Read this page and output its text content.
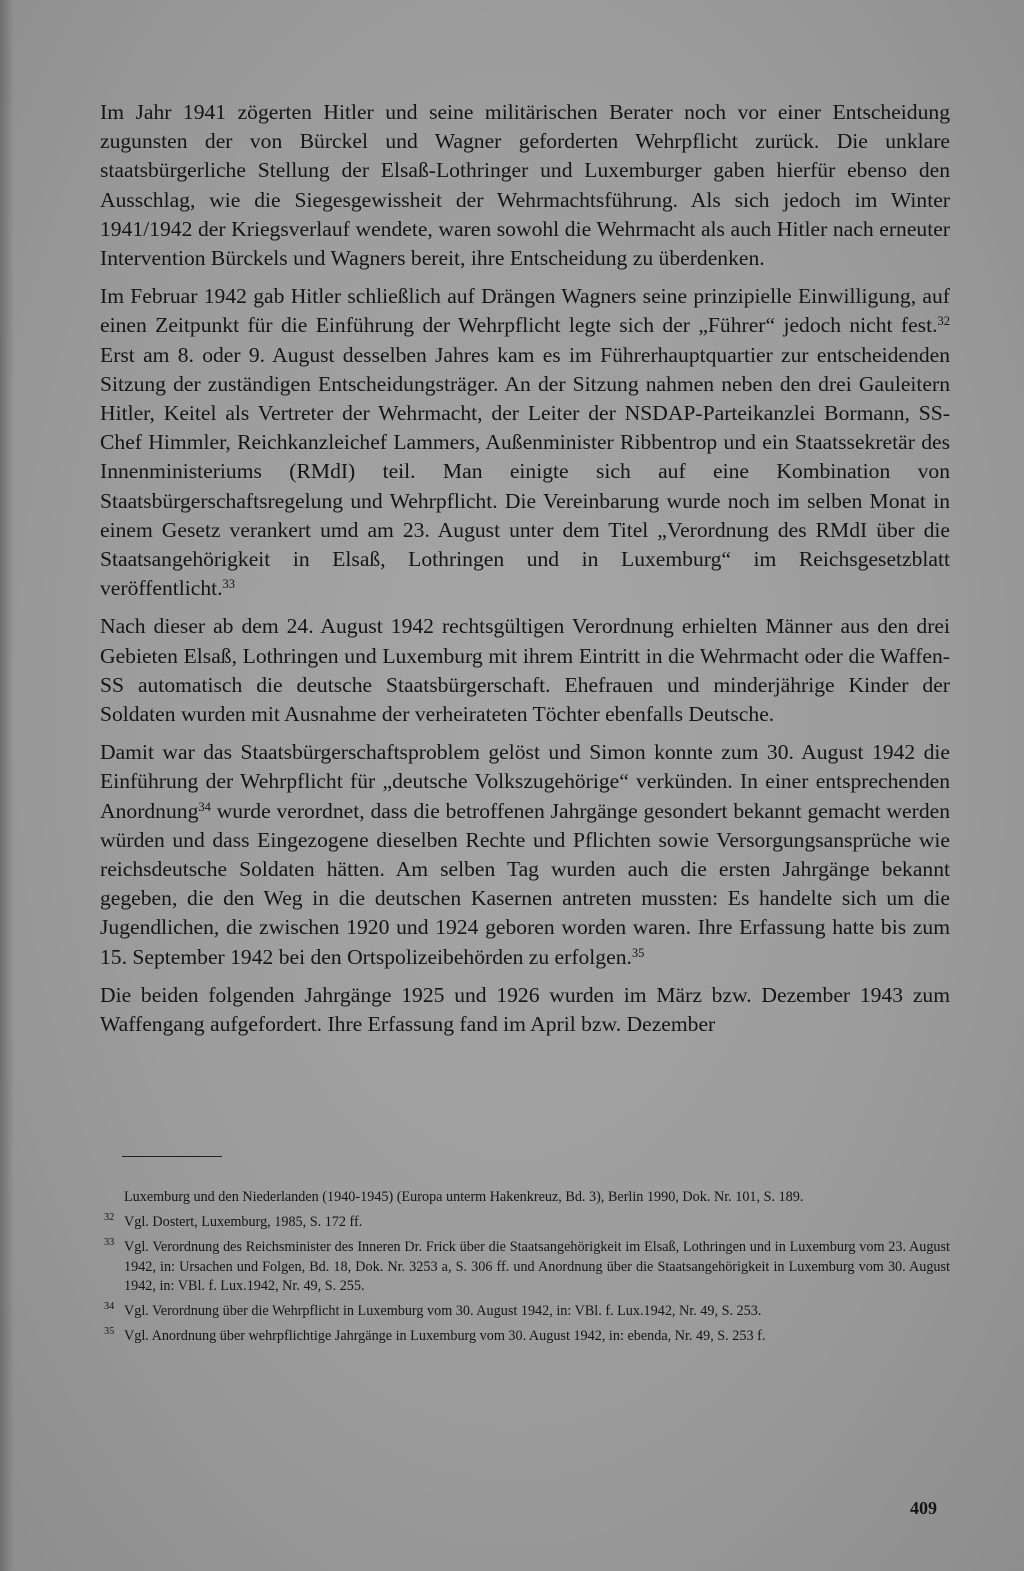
Im Jahr 1941 zögerten Hitler und seine militärischen Berater noch vor einer Entscheidung zugunsten der von Bürckel und Wagner geforderten Wehrpflicht zurück. Die unklare staatsbürgerliche Stellung der Elsaß-Lothringer und Luxemburger gaben hierfür ebenso den Ausschlag, wie die Siegesgewissheit der Wehrmachtsführung. Als sich jedoch im Winter 1941/1942 der Kriegsverlauf wendete, waren sowohl die Wehrmacht als auch Hitler nach erneuter Intervention Bürckels und Wagners bereit, ihre Entscheidung zu überdenken.

Im Februar 1942 gab Hitler schließlich auf Drängen Wagners seine prinzipielle Einwilligung, auf einen Zeitpunkt für die Einführung der Wehrpflicht legte sich der „Führer“ jedoch nicht fest.$^{32}$ Erst am 8. oder 9. August desselben Jahres kam es im Führerhauptquartier zur entscheidenden Sitzung der zuständigen Entscheidungsträger. An der Sitzung nahmen neben den drei Gauleitern Hitler, Keitel als Vertreter der Wehrmacht, der Leiter der NSDAP-Parteikanzlei Bormann, SS-Chef Himmler, Reichkanzleichef Lammers, Außenminister Ribbentrop und ein Staatssekretär des Innenministeriums (RMdI) teil. Man einigte sich auf eine Kombination von Staatsbürgerschaftsregelung und Wehrpflicht. Die Vereinbarung wurde noch im selben Monat in einem Gesetz verankert umd am 23. August unter dem Titel „Verordnung des RMdI über die Staatsangehörigkeit in Elsaß, Lothringen und in Luxemburg“ im Reichsgesetzblatt veröffentlicht.$^{33}$

Nach dieser ab dem 24. August 1942 rechtsgültigen Verordnung erhielten Männer aus den drei Gebieten Elsaß, Lothringen und Luxemburg mit ihrem Eintritt in die Wehrmacht oder die Waffen-SS automatisch die deutsche Staatsbürgerschaft. Ehefrauen und minderjährige Kinder der Soldaten wurden mit Ausnahme der verheirateten Töchter ebenfalls Deutsche.

Damit war das Staatsbürgerschaftsproblem gelöst und Simon konnte zum 30. August 1942 die Einführung der Wehrpflicht für „deutsche Volkszugehörige“ verkünden. In einer entsprechenden Anordnung$^{34}$ wurde verordnet, dass die betroffenen Jahrgänge gesondert bekannt gemacht werden würden und dass Eingezogene dieselben Rechte und Pflichten sowie Versorgungsansprüche wie reichsdeutsche Soldaten hätten. Am selben Tag wurden auch die ersten Jahrgänge bekannt gegeben, die den Weg in die deutschen Kasernen antreten mussten: Es handelte sich um die Jugendlichen, die zwischen 1920 und 1924 geboren worden waren. Ihre Erfassung hatte bis zum 15. September 1942 bei den Ortspolizeibehörden zu erfolgen.$^{35}$

Die beiden folgenden Jahrgänge 1925 und 1926 wurden im März bzw. Dezember 1943 zum Waffengang aufgefordert. Ihre Erfassung fand im April bzw. Dezember

Luxemburg und den Niederlanden (1940-1945) (Europa unterm Hakenkreuz, Bd. 3), Berlin 1990, Dok. Nr. 101, S. 189.
32 Vgl. Dostert, Luxemburg, 1985, S. 172 ff.
33 Vgl. Verordnung des Reichsminister des Inneren Dr. Frick über die Staatsangehörigkeit im Elsaß, Lothringen und in Luxemburg vom 23. August 1942, in: Ursachen und Folgen, Bd. 18, Dok. Nr. 3253 a, S. 306 ff. und Anordnung über die Staatsangehörigkeit in Luxemburg vom 30. August 1942, in: VBl. f. Lux.1942, Nr. 49, S. 255.
34 Vgl. Verordnung über die Wehrpflicht in Luxemburg vom 30. August 1942, in: VBl. f. Lux.1942, Nr. 49, S. 253.
35 Vgl. Anordnung über wehrpflichtige Jahrgänge in Luxemburg vom 30. August 1942, in: ebenda, Nr. 49, S. 253 f.
409
